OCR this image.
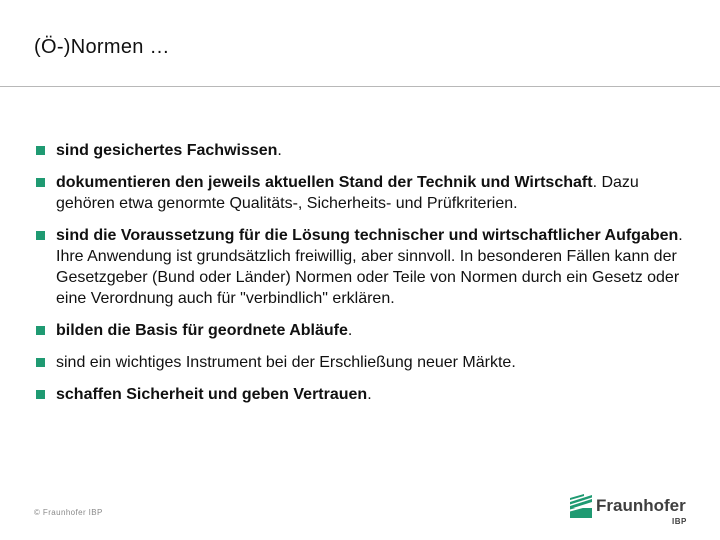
(Ö-)Normen …
sind gesichertes Fachwissen.
dokumentieren den jeweils aktuellen Stand der Technik und Wirtschaft. Dazu gehören etwa genormte Qualitäts-, Sicherheits- und Prüfkriterien.
sind die Voraussetzung für die Lösung technischer und wirtschaftlicher Aufgaben. Ihre Anwendung ist grundsätzlich freiwillig, aber sinnvoll. In besonderen Fällen kann der Gesetzgeber (Bund oder Länder) Normen oder Teile von Normen durch ein Gesetz oder eine Verordnung auch für "verbindlich" erklären.
bilden die Basis für geordnete Abläufe.
sind ein wichtiges Instrument bei der Erschließung neuer Märkte.
schaffen Sicherheit und geben Vertrauen.
© Fraunhofer IBP	Fraunhofer
IBP
